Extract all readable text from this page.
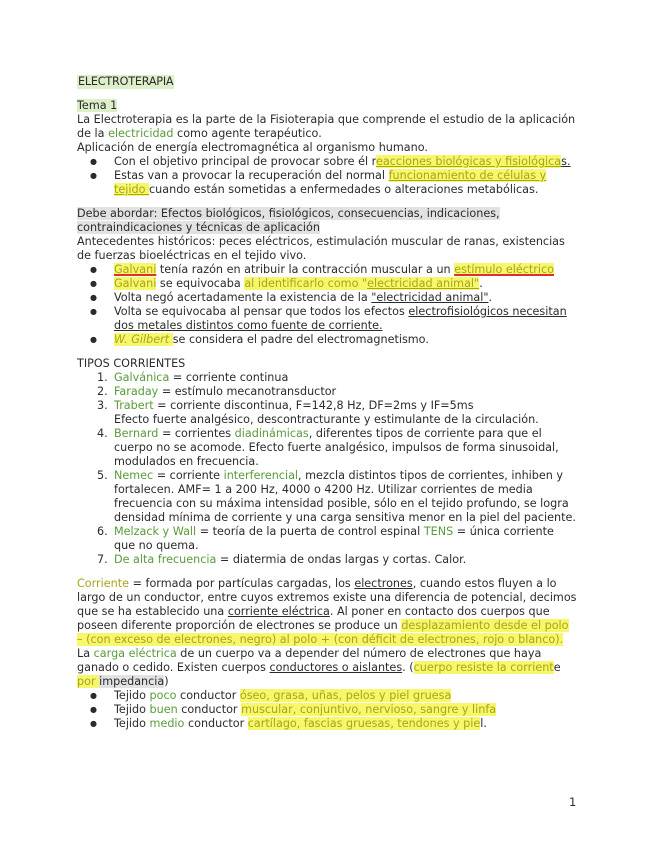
ELECTROTERAPIA
Tema 1

La Electroterapia es la parte de la Fisioterapia que comprende el estudio de la aplicación de la electricidad como agente terapéutico.

Aplicación de energía electromagnética al organismo humano.

● Con el objetivo principal de provocar sobre él reacciones biológicas y fisiológicas.
● Estas van a provocar la recuperación del normal funcionamiento de células y tejido cuando están sometidas a enfermedades o alteraciones metabólicas.

Debe abordar: Efectos biológicos, fisiológicos, consecuencias, indicaciones, contraindicaciones y técnicas de aplicación

Antecedentes históricos: peces eléctricos, estimulación muscular de ranas, existencias de fuerzas bioeléctricas en el tejido vivo.

● Galvani tenía razón en atribuir la contracción muscular a un estímulo eléctrico
● Galvani se equivocaba al identificarlo como "electricidad animal".
● Volta negó acertadamente la existencia de la "electricidad animal".
● Volta se equivocaba al pensar que todos los efectos electrofisiológicos necesitan dos metales distintos como fuente de corriente.
● W. Gilbert se considera el padre del electromagnetismo.

TIPOS CORRIENTES

1. Galvánica = corriente continua
2. Faraday = estímulo mecanotransductor
3. Trabert = corriente discontinua, F=142,8 Hz, DF=2ms y IF=5ms
Efecto fuerte analgésico, descontracturante y estimulante de la circulación.
4. Bernard = corrientes diadinámicas, diferentes tipos de corriente para que el cuerpo no se acomode. Efecto fuerte analgésico, impulsos de forma sinusoidal, modulados en frecuencia.
5. Nemec = corriente interferencial, mezcla distintos tipos de corrientes, inhiben y fortalecen. AMF= 1 a 200 Hz, 4000 o 4200 Hz. Utilizar corrientes de media frecuencia con su máxima intensidad posible, sólo en el tejido profundo, se logra densidad mínima de corriente y una carga sensitiva menor en la piel del paciente.
6. Melzack y Wall = teoría de la puerta de control espinal TENS = única corriente que no quema.
7. De alta frecuencia = diatermia de ondas largas y cortas. Calor.

Corriente = formada por partículas cargadas, los electrones, cuando estos fluyen a lo largo de un conductor, entre cuyos extremos existe una diferencia de potencial, decimos que se ha establecido una corriente eléctrica. Al poner en contacto dos cuerpos que poseen diferente proporción de electrones se produce un desplazamiento desde el polo – (con exceso de electrones, negro) al polo + (con déficit de electrones, rojo o blanco).

La carga eléctrica de un cuerpo va a depender del número de electrones que haya ganado o cedido. Existen cuerpos conductores o aislantes. (cuerpo resiste la corriente por impedancia)

● Tejido poco conductor óseo, grasa, uñas, pelos y piel gruesa
● Tejido buen conductor muscular, conjuntivo, nervioso, sangre y linfa
● Tejido medio conductor cartílago, fascias gruesas, tendones y piel.
1
